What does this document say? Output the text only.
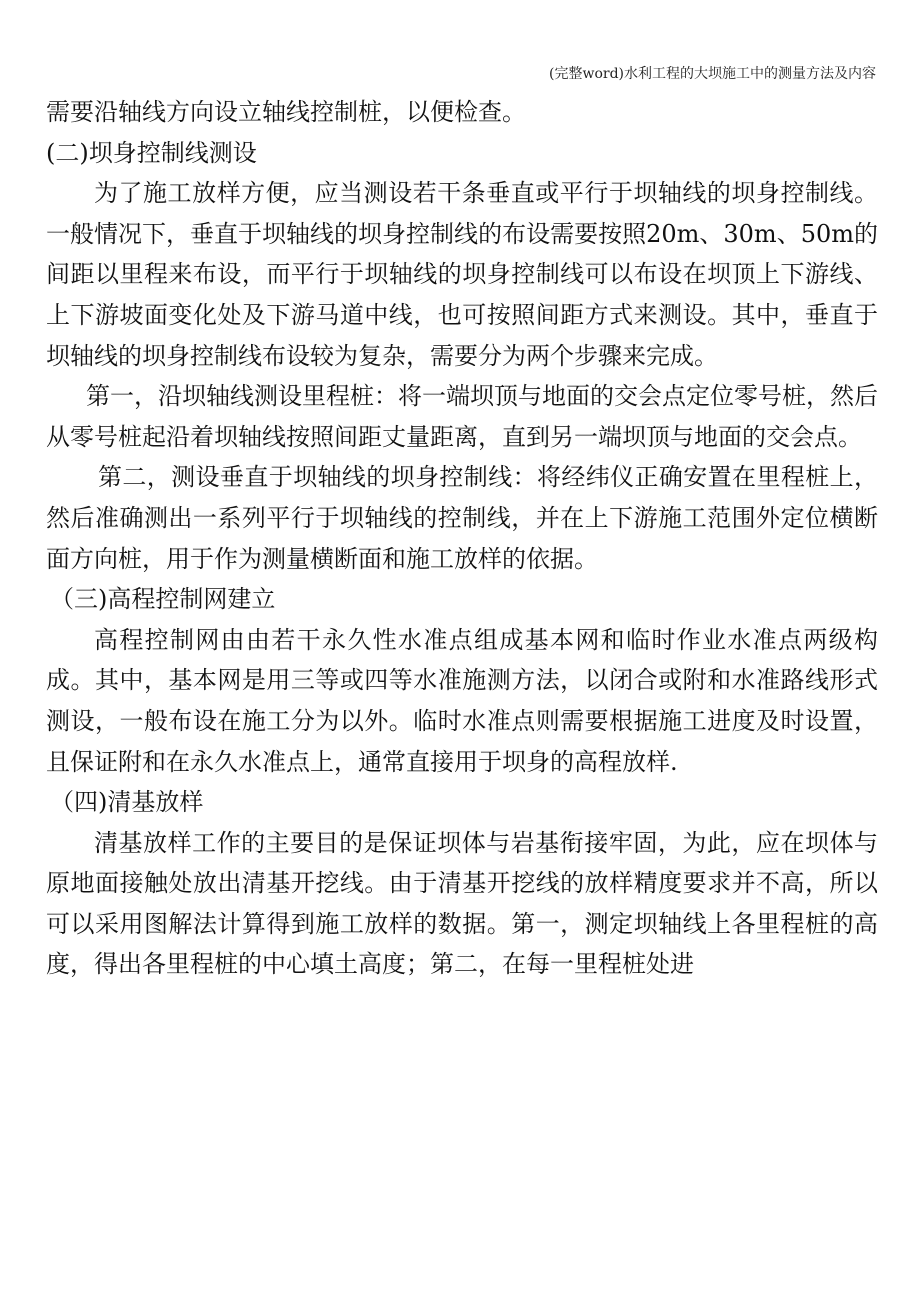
(完整word)水利工程的大坝施工中的测量方法及内容

需要沿轴线方向设立轴线控制桩，以便检查。

(二)坝身控制线测设

为了施工放样方便，应当测设若干条垂直或平行于坝轴线的坝身控制线。一般情况下，垂直于坝轴线的坝身控制线的布设需要按照20m、30m、50m的间距以里程来布设，而平行于坝轴线的坝身控制线可以布设在坝顶上下游线、上下游坡面变化处及下游马道中线，也可按照间距方式来测设。其中，垂直于坝轴线的坝身控制线布设较为复杂，需要分为两个步骤来完成。

第一，沿坝轴线测设里程桩：将一端坝顶与地面的交会点定位零号桩，然后从零号桩起沿着坝轴线按照间距丈量距离，直到另一端坝顶与地面的交会点。

第二，测设垂直于坝轴线的坝身控制线：将经纬仪正确安置在里程桩上，然后准确测出一系列平行于坝轴线的控制线，并在上下游施工范围外定位横断面方向桩，用于作为测量横断面和施工放样的依据。

（三)高程控制网建立

高程控制网由由若干永久性水准点组成基本网和临时作业水准点两级构成。其中，基本网是用三等或四等水准施测方法，以闭合或附和水准路线形式测设，一般布设在施工分为以外。临时水准点则需要根据施工进度及时设置，且保证附和在永久水准点上，通常直接用于坝身的高程放样.

（四)清基放样

清基放样工作的主要目的是保证坝体与岩基衔接牢固，为此，应在坝体与原地面接触处放出清基开挖线。由于清基开挖线的放样精度要求并不高，所以可以采用图解法计算得到施工放样的数据。第一，测定坝轴线上各里程桩的高度，得出各里程桩的中心填土高度；第二，在每一里程桩处进
